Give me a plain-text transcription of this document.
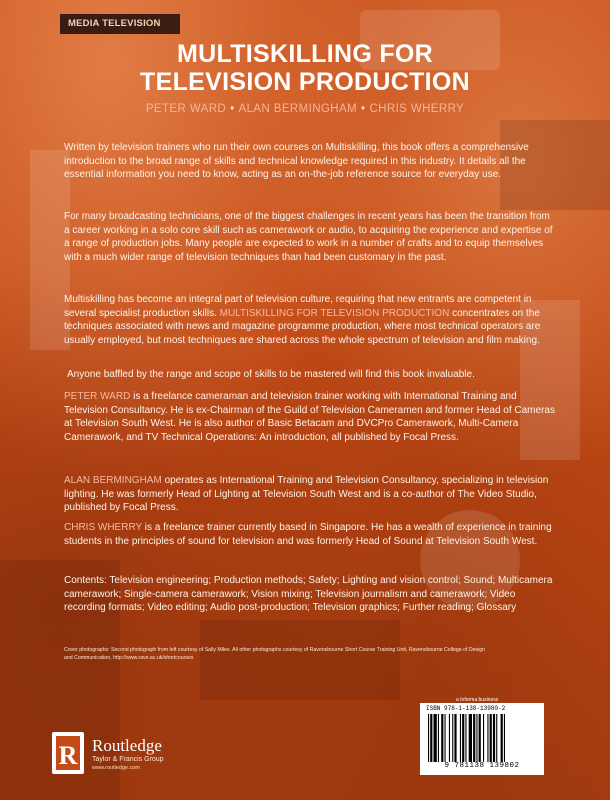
MEDIA TELEVISION
MULTISKILLING FOR
TELEVISION PRODUCTION
PETER WARD • ALAN BERMINGHAM • CHRIS WHERRY
Written by television trainers who run their own courses on Multiskilling, this book offers a comprehensive introduction to the broad range of skills and technical knowledge required in this industry. It details all the essential information you need to know, acting as an on-the-job reference source for everyday use.
For many broadcasting technicians, one of the biggest challenges in recent years has been the transition from a career working in a solo core skill such as camerawork or audio, to acquiring the experience and expertise of a range of production jobs. Many people are expected to work in a number of crafts and to equip themselves with a much wider range of television techniques than had been customary in the past.
Multiskilling has become an integral part of television culture, requiring that new entrants are competent in several specialist production skills. MULTISKILLING FOR TELEVISION PRODUCTION concentrates on the techniques associated with news and magazine programme production, where most technical operators are usually employed, but most techniques are shared across the whole spectrum of television and film making.
Anyone baffled by the range and scope of skills to be mastered will find this book invaluable.
PETER WARD is a freelance cameraman and television trainer working with International Training and Television Consultancy. He is ex-Chairman of the Guild of Television Cameramen and former Head of Cameras at Television South West. He is also author of Basic Betacam and DVCPro Camerawork, Multi-Camera Camerawork, and TV Technical Operations: An introduction, all published by Focal Press.
ALAN BERMINGHAM operates as International Training and Television Consultancy, specializing in television lighting. He was formerly Head of Lighting at Television South West and is a co-author of The Video Studio, published by Focal Press.
CHRIS WHERRY is a freelance trainer currently based in Singapore. He has a wealth of experience in training students in the principles of sound for television and was formerly Head of Sound at Television South West.
Contents: Television engineering; Production methods; Safety; Lighting and vision control; Sound; Multicamera camerawork; Single-camera camerawork; Vision mixing; Television journalism and camerawork; Video recording formats; Video editing; Audio post-production; Television graphics; Further reading; Glossary
Cover photographs: Second photograph from left courtesy of Sally Miles. All other photographs courtesy of Ravensbourne Short Course Training Unit, Ravensbourne College of Design and Communication, http://www.rave.ac.uk/shortcourses
R Routledge
Taylor & Francis Group
www.routledge.com
a Informa business
ISBN 978-1-138-13980-2
9 781138 139802
